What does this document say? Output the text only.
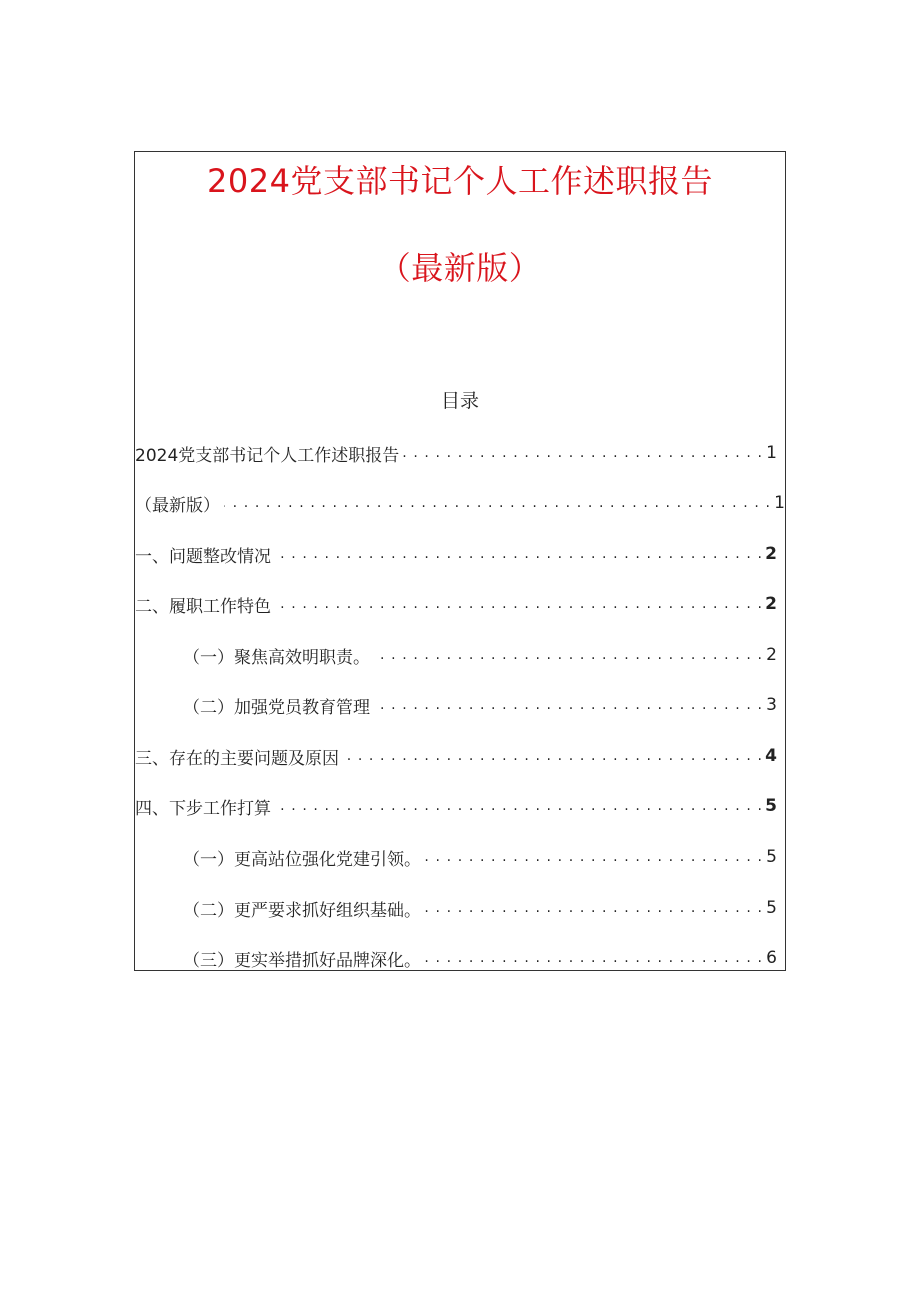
2024党支部书记个人工作述职报告
（最新版）
目录
2024党支部书记个人工作述职报告 . . .	1
（最新版） . . .	1
一、问题整改情况 . . .	2
二、履职工作特色 . . .	2
（一）聚焦高效明职责。 . . .	2
（二）加强党员教育管理 . . .	3
三、存在的主要问题及原因 . . .	4
四、下步工作打算 . . .	5
（一）更高站位强化党建引领。 . . .	5
（二）更严要求抓好组织基础。 . . .	5
（三）更实举措抓好品牌深化。 . . .	6
